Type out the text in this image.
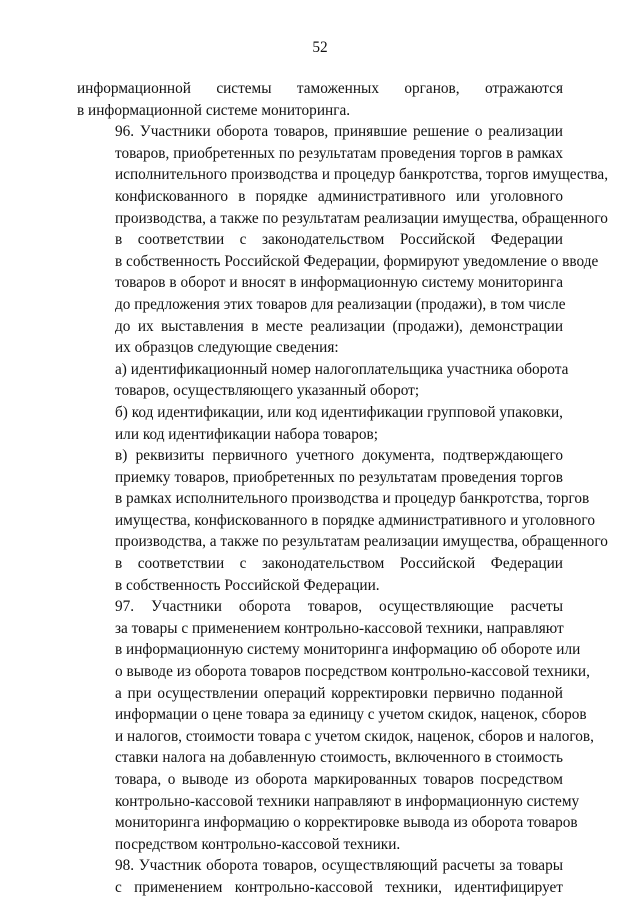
52
информационной системы таможенных органов, отражаются
в информационной системе мониторинга.
96. Участники оборота товаров, принявшие решение о реализации
товаров, приобретенных по результатам проведения торгов в рамках
исполнительного производства и процедур банкротства, торгов имущества,
конфискованного в порядке административного или уголовного
производства, а также по результатам реализации имущества, обращенного
в соответствии с законодательством Российской Федерации
в собственность Российской Федерации, формируют уведомление о вводе
товаров в оборот и вносят в информационную систему мониторинга
до предложения этих товаров для реализации (продажи), в том числе
до их выставления в месте реализации (продажи), демонстрации
их образцов следующие сведения:
а) идентификационный номер налогоплательщика участника оборота
товаров, осуществляющего указанный оборот;
б) код идентификации, или код идентификации групповой упаковки,
или код идентификации набора товаров;
в) реквизиты первичного учетного документа, подтверждающего
приемку товаров, приобретенных по результатам проведения торгов
в рамках исполнительного производства и процедур банкротства, торгов
имущества, конфискованного в порядке административного и уголовного
производства, а также по результатам реализации имущества, обращенного
в соответствии с законодательством Российской Федерации
в собственность Российской Федерации.
97. Участники оборота товаров, осуществляющие расчеты
за товары с применением контрольно-кассовой техники, направляют
в информационную систему мониторинга информацию об обороте или
о выводе из оборота товаров посредством контрольно-кассовой техники,
а при осуществлении операций корректировки первично поданной
информации о цене товара за единицу с учетом скидок, наценок, сборов
и налогов, стоимости товара с учетом скидок, наценок, сборов и налогов,
ставки налога на добавленную стоимость, включенного в стоимость
товара, о выводе из оборота маркированных товаров посредством
контрольно-кассовой техники направляют в информационную систему
мониторинга информацию о корректировке вывода из оборота товаров
посредством контрольно-кассовой техники.
98. Участник оборота товаров, осуществляющий расчеты за товары
с применением контрольно-кассовой техники, идентифицирует
